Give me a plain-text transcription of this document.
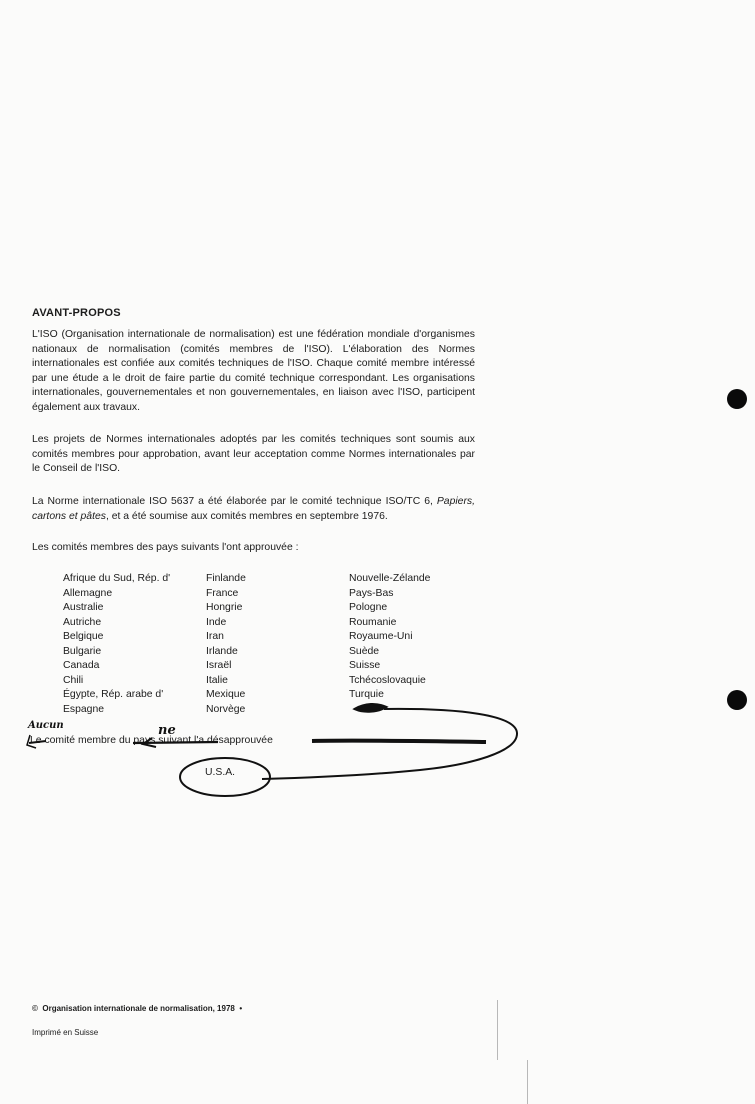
AVANT-PROPOS

L'ISO (Organisation internationale de normalisation) est une fédération mondiale d'organismes nationaux de normalisation (comités membres de l'ISO). L'élaboration des Normes internationales est confiée aux comités techniques de l'ISO. Chaque comité membre intéressé par une étude a le droit de faire partie du comité technique correspondant. Les organisations internationales, gouvernementales et non gouvernementales, en liaison avec l'ISO, participent également aux travaux.

Les projets de Normes internationales adoptés par les comités techniques sont soumis aux comités membres pour approbation, avant leur acceptation comme Normes internationales par le Conseil de l'ISO.

La Norme internationale ISO 5637 a été élaborée par le comité technique ISO/TC 6, Papiers, cartons et pâtes, et a été soumise aux comités membres en septembre 1976.

Les comités membres des pays suivants l'ont approuvée :

Afrique du Sud, Rép. d'
Allemagne
Australie
Autriche
Belgique
Bulgarie
Canada
Chili
Égypte, Rép. arabe d'
Espagne
Finlande
France
Hongrie
Inde
Iran
Irlande
Israël
Italie
Mexique
Norvège
Nouvelle-Zélande
Pays-Bas
Pologne
Roumanie
Royaume-Uni
Suède
Suisse
Tchécoslovaquie
Turquie
Aucun	ne
Le comité membre du pays suivant l'a désapprouvée
U.S.A.
© Organisation internationale de normalisation, 1978 •
Imprimé en Suisse
